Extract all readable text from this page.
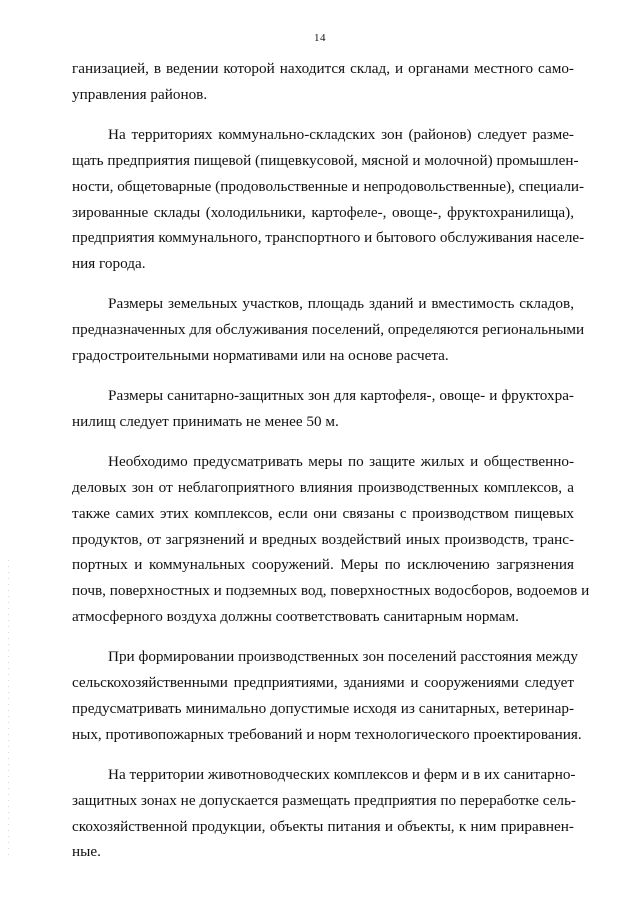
14

ганизацией, в ведении которой находится склад, и органами местного само-
управления районов.

На территориях коммунально-складских зон (районов) следует разме-
щать предприятия пищевой (пищевкусовой, мясной и молочной) промышлен-
ности, общетоварные (продовольственные и непродовольственные), специали-
зированные склады (холодильники, картофеле-, овоще-, фруктохранилища),
предприятия коммунального, транспортного и бытового обслуживания населе-
ния города.

Размеры земельных участков, площадь зданий и вместимость складов,
предназначенных для обслуживания поселений, определяются региональными
градостроительными нормативами или на основе расчета.

Размеры санитарно-защитных зон для картофеля-, овоще- и фруктохра-
нилищ следует принимать не менее 50 м.

Необходимо предусматривать меры по защите жилых и общественно-
деловых зон от неблагоприятного влияния производственных комплексов, а
также самих этих комплексов, если они связаны с производством пищевых
продуктов, от загрязнений и вредных воздействий иных производств, транс-
портных и коммунальных сооружений. Меры по исключению загрязнения
почв, поверхностных и подземных вод, поверхностных водосборов, водоемов и
атмосферного воздуха должны соответствовать санитарным нормам.

При формировании производственных зон поселений расстояния между
сельскохозяйственными предприятиями, зданиями и сооружениями следует
предусматривать минимально допустимые исходя из санитарных, ветеринар-
ных, противопожарных требований и норм технологического проектирования.

На территории животноводческих комплексов и ферм и в их санитарно-
защитных зонах не допускается размещать предприятия по переработке сель-
скохозяйственной продукции, объекты питания и объекты, к ним приравнен-
ные.
